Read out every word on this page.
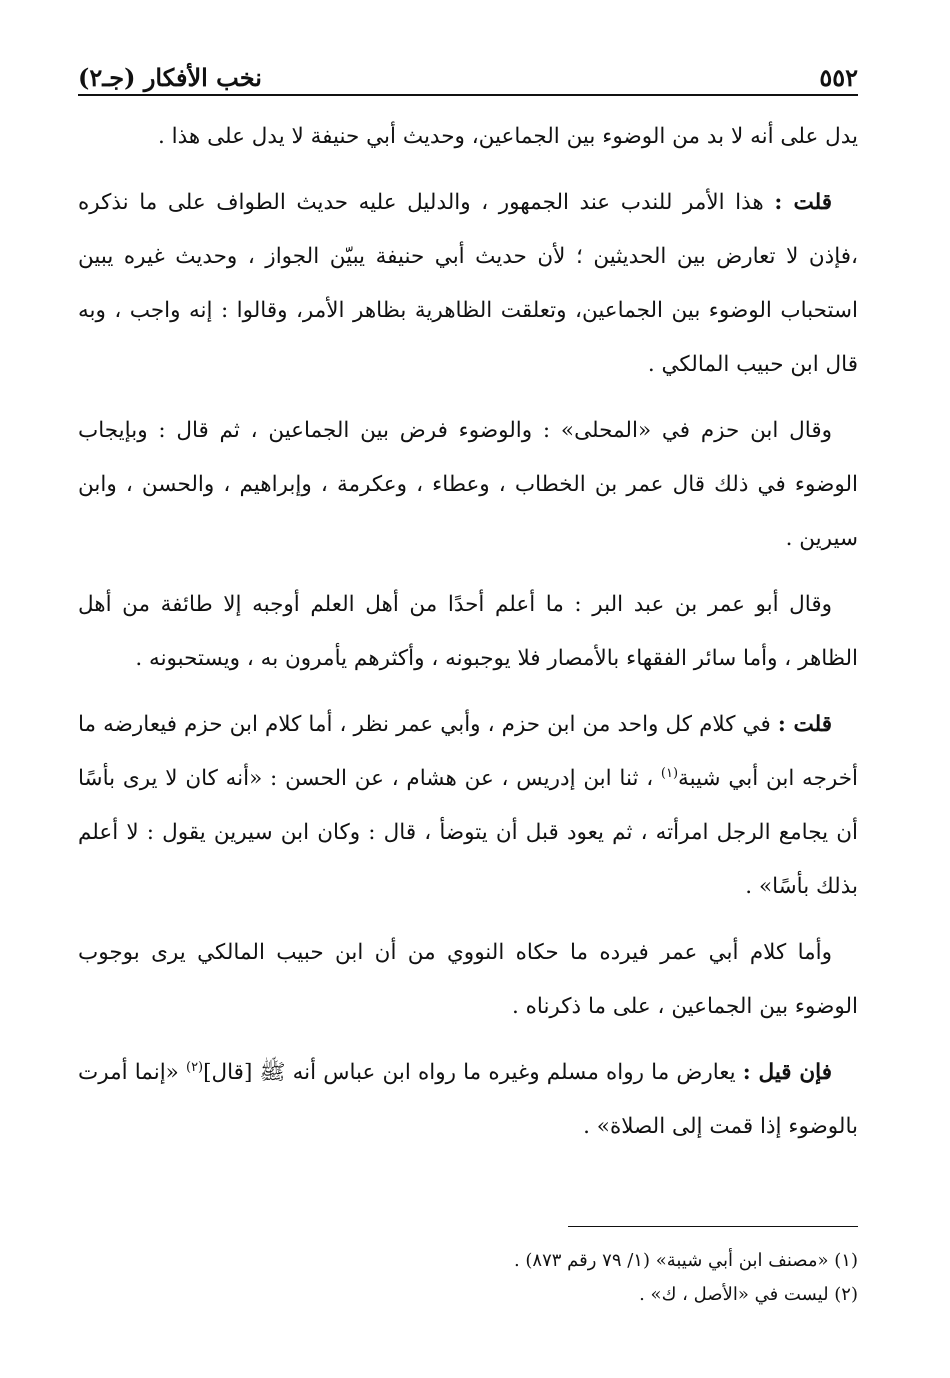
٥٥٢
نخب الأفكار (جـ٢)

يدل على أنه لا بد من الوضوء بين الجماعين، وحديث أبي حنيفة لا يدل على هذا .

قلت : هذا الأمر للندب عند الجمهور ، والدليل عليه حديث الطواف على ما نذكره ،فإذن لا تعارض بين الحديثين ؛ لأن حديث أبي حنيفة يبيّن الجواز ، وحديث غيره يبين استحباب الوضوء بين الجماعين، وتعلقت الظاهرية بظاهر الأمر، وقالوا : إنه واجب ، وبه قال ابن حبيب المالكي .

وقال ابن حزم في «المحلى» : والوضوء فرض بين الجماعين ، ثم قال : وبإيجاب الوضوء في ذلك قال عمر بن الخطاب ، وعطاء ، وعكرمة ، وإبراهيم ، والحسن ، وابن سيرين .

وقال أبو عمر بن عبد البر : ما أعلم أحدًا من أهل العلم أوجبه إلا طائفة من أهل الظاهر ، وأما سائر الفقهاء بالأمصار فلا يوجبونه ، وأكثرهم يأمرون به ، ويستحبونه .

قلت : في كلام كل واحد من ابن حزم ، وأبي عمر نظر ، أما كلام ابن حزم فيعارضه ما أخرجه ابن أبي شيبة$^{(١)}$ ، ثنا ابن إدريس ، عن هشام ، عن الحسن : «أنه كان لا يرى بأسًا أن يجامع الرجل امرأته ، ثم يعود قبل أن يتوضأ ، قال : وكان ابن سيرين يقول : لا أعلم بذلك بأسًا» .

وأما كلام أبي عمر فيرده ما حكاه النووي من أن ابن حبيب المالكي يرى بوجوب الوضوء بين الجماعين ، على ما ذكرناه .

فإن قيل : يعارض ما رواه مسلم وغيره ما رواه ابن عباس أنه ﷺ [قال]$^{(٢)}$ «إنما أمرت بالوضوء إذا قمت إلى الصلاة» .

(١) «مصنف ابن أبي شيبة» (١/ ٧٩ رقم ٨٧٣) .
(٢) ليست في «الأصل ، ك» .
